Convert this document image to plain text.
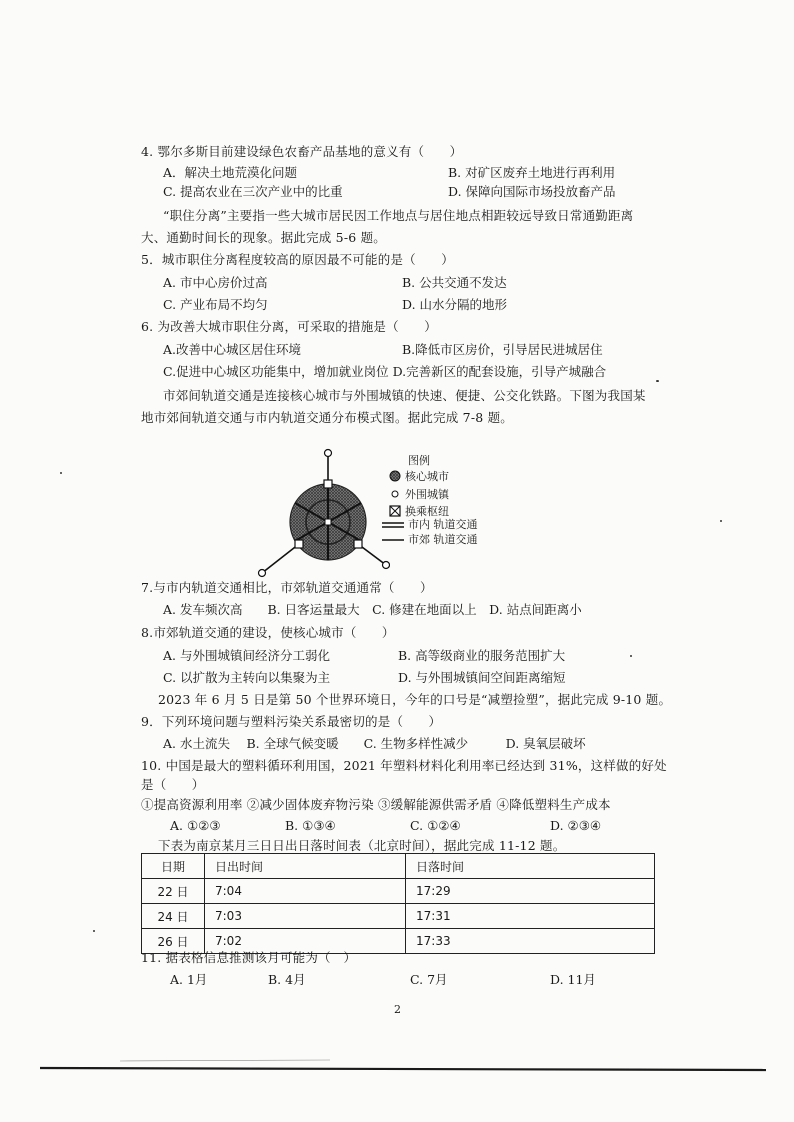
4. 鄂尔多斯目前建设绿色农畜产品基地的意义有（　　）
A．解决土地荒漠化问题	B. 对矿区废弃土地进行再利用
C. 提高农业在三次产业中的比重	D. 保障向国际市场投放畜产品
“职住分离”主要指一些大城市居民因工作地点与居住地点相距较远导致日常通勤距离
大、通勤时间长的现象。据此完成 5-6 题。
5．城市职住分离程度较高的原因最不可能的是（　　）
A. 市中心房价过高	B. 公共交通不发达
C. 产业布局不均匀	D. 山水分隔的地形
6. 为改善大城市职住分离，可采取的措施是（　　）
A.改善中心城区居住环境	B.降低市区房价，引导居民进城居住
C.促进中心城区功能集中，增加就业岗位 D.完善新区的配套设施，引导产城融合
市郊间轨道交通是连接核心城市与外围城镇的快速、便捷、公交化铁路。下图为我国某
地市郊间轨道交通与市内轨道交通分布模式图。据此完成 7-8 题。
图例
核心城市
外围城镇
换乘枢纽
市内 轨道交通
市郊 轨道交通
7.与市内轨道交通相比，市郊轨道交通通常（　　）
A. 发车频次高　　B. 日客运量最大　C. 修建在地面以上　D. 站点间距离小
8.市郊轨道交通的建设，使核心城市（　　）
A. 与外围城镇间经济分工弱化	B. 高等级商业的服务范围扩大
C. 以扩散为主转向以集聚为主	D. 与外围城镇间空间距离缩短
2023 年 6 月 5 日是第 50 个世界环境日，今年的口号是“减塑捡塑”，据此完成 9-10 题。
9．下列环境问题与塑料污染关系最密切的是（　　）
A. 水土流失　 B. 全球气候变暖　　C. 生物多样性减少　　　D. 臭氧层破坏
10. 中国是最大的塑料循环利用国，2021 年塑料材料化利用率已经达到 31%，这样做的好处
是（　　）
①提高资源利用率 ②减少固体废弃物污染 ③缓解能源供需矛盾 ④降低塑料生产成本
A. ①②③	B. ①③④	C. ①②④	D. ②③④
下表为南京某月三日日出日落时间表（北京时间），据此完成 11-12 题。
日期	日出时间	日落时间
22 日	7:04	17:29
24 日	7:03	17:31
26 日	7:02	17:33
11. 据表格信息推测该月可能为（　）
A. 1月	B. 4月	C. 7月	D. 11月
2
